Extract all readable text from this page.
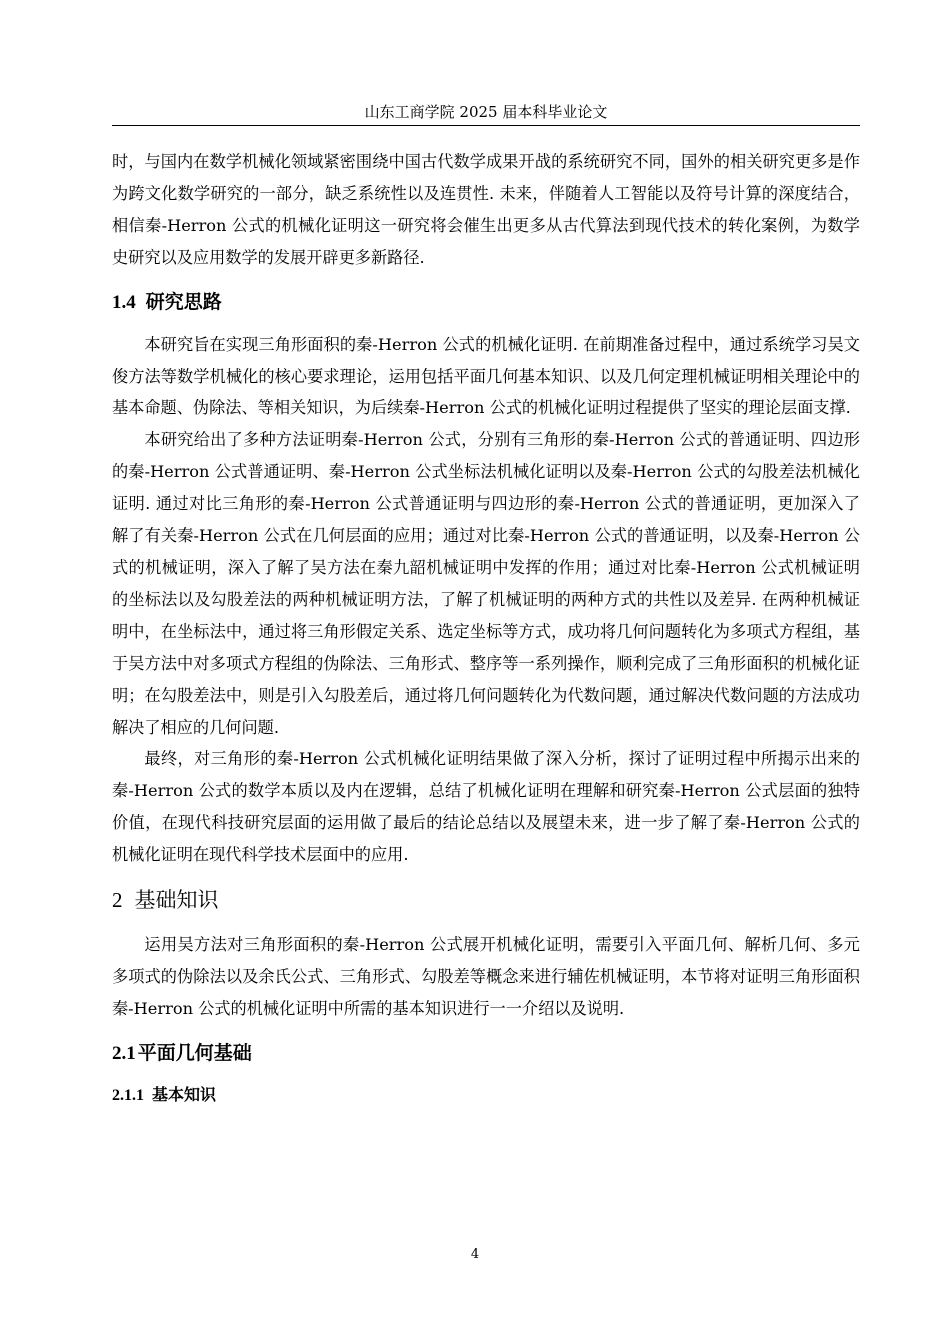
山东工商学院 2025 届本科毕业论文

时，与国内在数学机械化领域紧密围绕中国古代数学成果开战的系统研究不同，国外的相关研究更多是作为跨文化数学研究的一部分，缺乏系统性以及连贯性. 未来，伴随着人工智能以及符号计算的深度结合，相信秦-Herron 公式的机械化证明这一研究将会催生出更多从古代算法到现代技术的转化案例，为数学史研究以及应用数学的发展开辟更多新路径.

1.4 研究思路

本研究旨在实现三角形面积的秦-Herron 公式的机械化证明. 在前期准备过程中，通过系统学习吴文俊方法等数学机械化的核心要求理论，运用包括平面几何基本知识、以及几何定理机械证明相关理论中的基本命题、伪除法、等相关知识，为后续秦-Herron 公式的机械化证明过程提供了坚实的理论层面支撑.

本研究给出了多种方法证明秦-Herron 公式，分别有三角形的秦-Herron 公式的普通证明、四边形的秦-Herron 公式普通证明、秦-Herron 公式坐标法机械化证明以及秦-Herron 公式的勾股差法机械化证明. 通过对比三角形的秦-Herron 公式普通证明与四边形的秦-Herron 公式的普通证明，更加深入了解了有关秦-Herron 公式在几何层面的应用；通过对比秦-Herron 公式的普通证明，以及秦-Herron 公式的机械证明，深入了解了吴方法在秦九韶机械证明中发挥的作用；通过对比秦-Herron 公式机械证明的坐标法以及勾股差法的两种机械证明方法，了解了机械证明的两种方式的共性以及差异. 在两种机械证明中，在坐标法中，通过将三角形假定关系、选定坐标等方式，成功将几何问题转化为多项式方程组，基于吴方法中对多项式方程组的伪除法、三角形式、整序等一系列操作，顺利完成了三角形面积的机械化证明；在勾股差法中，则是引入勾股差后，通过将几何问题转化为代数问题，通过解决代数问题的方法成功解决了相应的几何问题.

最终，对三角形的秦-Herron 公式机械化证明结果做了深入分析，探讨了证明过程中所揭示出来的秦-Herron 公式的数学本质以及内在逻辑，总结了机械化证明在理解和研究秦-Herron 公式层面的独特价值，在现代科技研究层面的运用做了最后的结论总结以及展望未来，进一步了解了秦-Herron 公式的机械化证明在现代科学技术层面中的应用.

2 基础知识

运用吴方法对三角形面积的秦-Herron 公式展开机械化证明，需要引入平面几何、解析几何、多元多项式的伪除法以及余氏公式、三角形式、勾股差等概念来进行辅佐机械证明，本节将对证明三角形面积秦-Herron 公式的机械化证明中所需的基本知识进行一一介绍以及说明.

2.1 平面几何基础
2.1.1 基本知识
4
